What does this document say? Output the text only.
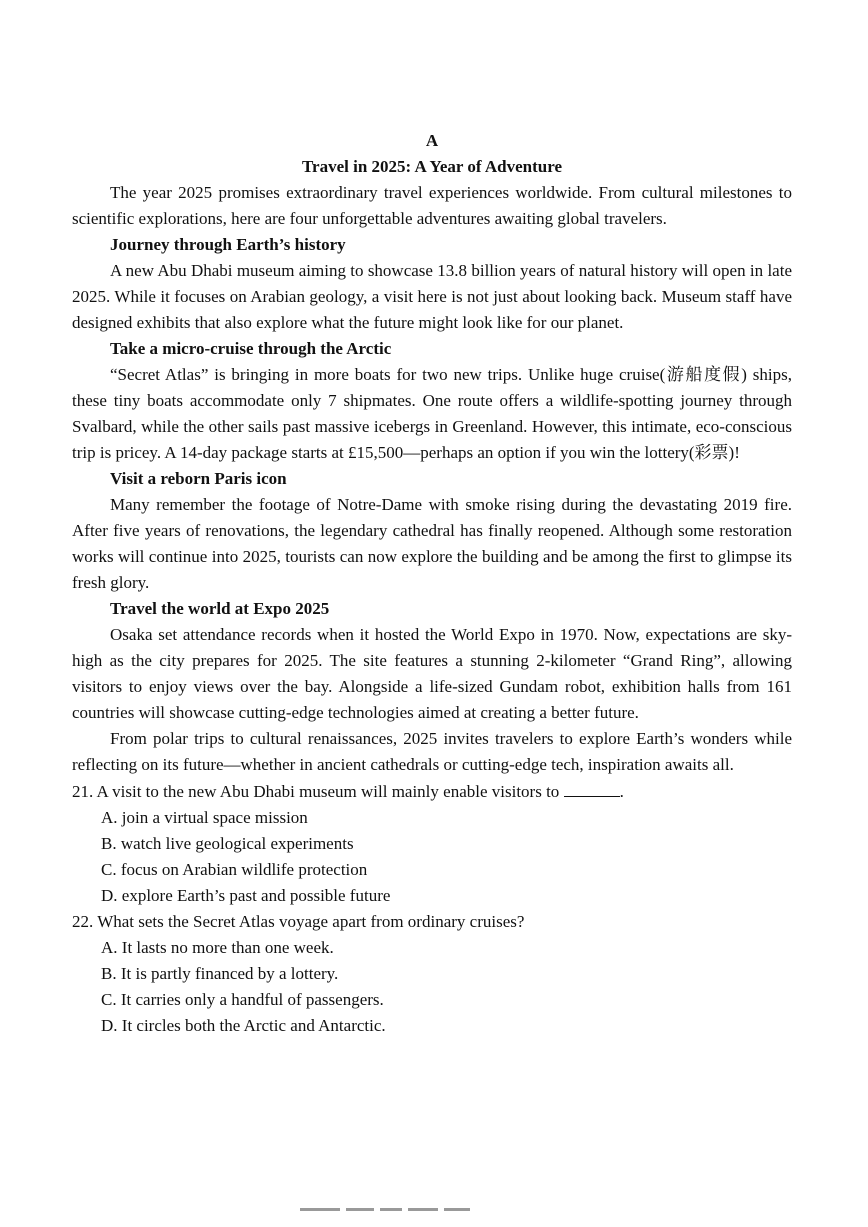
A
Travel in 2025: A Year of Adventure

The year 2025 promises extraordinary travel experiences worldwide. From cultural milestones to scientific explorations, here are four unforgettable adventures awaiting global travelers.

Journey through Earth’s history

A new Abu Dhabi museum aiming to showcase 13.8 billion years of natural history will open in late 2025. While it focuses on Arabian geology, a visit here is not just about looking back. Museum staff have designed exhibits that also explore what the future might look like for our planet.

Take a micro-cruise through the Arctic

“Secret Atlas” is bringing in more boats for two new trips. Unlike huge cruise(游船度假) ships, these tiny boats accommodate only 7 shipmates. One route offers a wildlife-spotting journey through Svalbard, while the other sails past massive icebergs in Greenland. However, this intimate, eco-conscious trip is pricey. A 14-day package starts at £15,500—perhaps an option if you win the lottery(彩票)!

Visit a reborn Paris icon

Many remember the footage of Notre-Dame with smoke rising during the devastating 2019 fire. After five years of renovations, the legendary cathedral has finally reopened. Although some restoration works will continue into 2025, tourists can now explore the building and be among the first to glimpse its fresh glory.

Travel the world at Expo 2025

Osaka set attendance records when it hosted the World Expo in 1970. Now, expectations are sky-high as the city prepares for 2025. The site features a stunning 2-kilometer “Grand Ring”, allowing visitors to enjoy views over the bay. Alongside a life-sized Gundam robot, exhibition halls from 161 countries will showcase cutting-edge technologies aimed at creating a better future.

From polar trips to cultural renaissances, 2025 invites travelers to explore Earth’s wonders while reflecting on its future—whether in ancient cathedrals or cutting-edge tech, inspiration awaits all.

21. A visit to the new Abu Dhabi museum will mainly enable visitors to	.
A. join a virtual space mission
B. watch live geological experiments
C. focus on Arabian wildlife protection
D. explore Earth’s past and possible future
22. What sets the Secret Atlas voyage apart from ordinary cruises?
A. It lasts no more than one week.
B. It is partly financed by a lottery.
C. It carries only a handful of passengers.
D. It circles both the Arctic and Antarctic.
